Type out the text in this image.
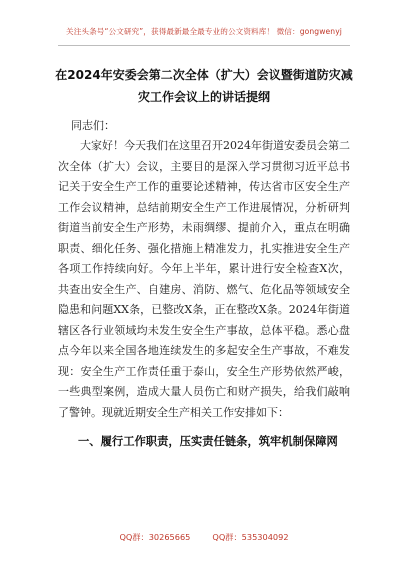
关注头条号“公文研究”，获得最新最全最专业的公文资料库！ 微信：gongwenyj
在2024年安委会第二次全体（扩大）会议暨街道防灾减灾工作会议上的讲话提纲
同志们：

大家好！今天我们在这里召开2024年街道安委员会第二次全体（扩大）会议，主要目的是深入学习贯彻习近平总书记关于安全生产工作的重要论述精神，传达省市区安全生产工作会议精神，总结前期安全生产工作进展情况，分析研判街道当前安全生产形势，未雨绸缪、提前介入，重点在明确职责、细化任务、强化措施上精准发力，扎实推进安全生产各项工作持续向好。今年上半年，累计进行安全检查X次，共查出安全生产、自建房、消防、燃气、危化品等领域安全隐患和问题XX条，已整改X条，正在整改X条。2024年街道辖区各行业领域均未发生安全生产事故，总体平稳。悉心盘点今年以来全国各地连续发生的多起安全生产事故，不难发现：安全生产工作责任重于泰山，安全生产形势依然严峻，一些典型案例，造成大量人员伤亡和财产损失，给我们敲响了警钟。现就近期安全生产相关工作安排如下：

一、履行工作职责，压实责任链条，筑牢机制保障网
QQ群：30265665	QQ群：535304092
